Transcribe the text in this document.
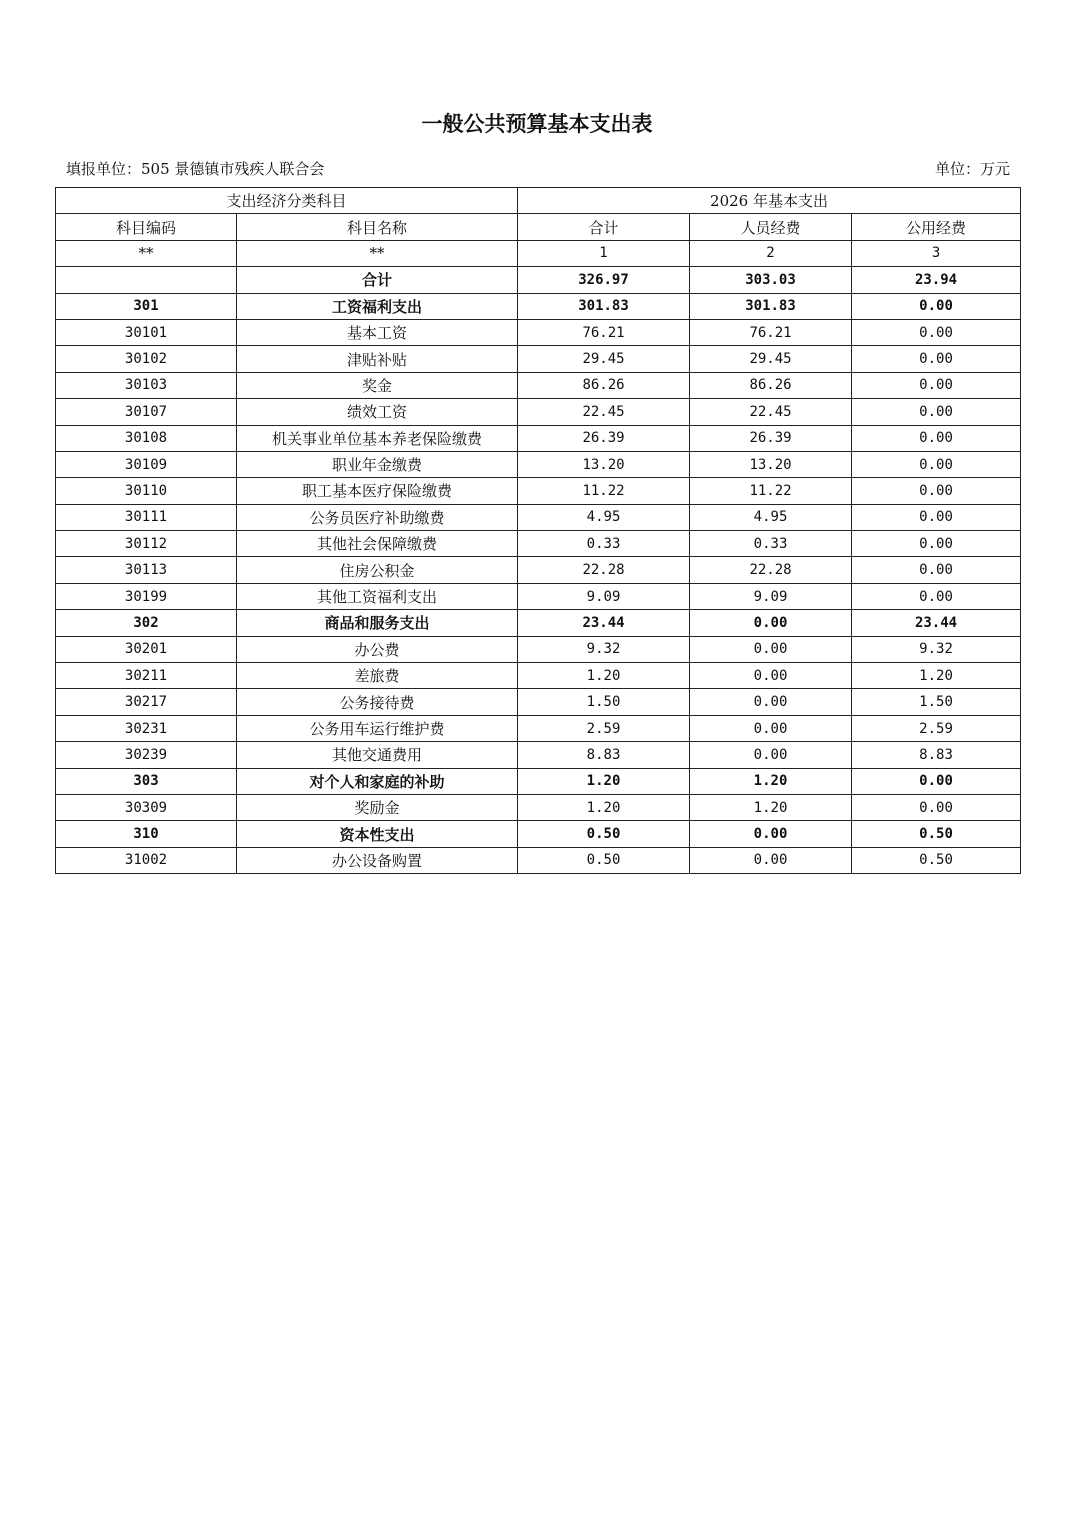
一般公共预算基本支出表
填报单位：505 景德镇市残疾人联合会	单位：万元
支出经济分类科目		2026 年基本支出		
科目编码	科目名称	合计	人员经费	公用经费
**	**	1	2	3
	合计	326.97	303.03	23.94
301	工资福利支出	301.83	301.83	0.00
30101	基本工资	76.21	76.21	0.00
30102	津贴补贴	29.45	29.45	0.00
30103	奖金	86.26	86.26	0.00
30107	绩效工资	22.45	22.45	0.00
30108	机关事业单位基本养老保险缴费	26.39	26.39	0.00
30109	职业年金缴费	13.20	13.20	0.00
30110	职工基本医疗保险缴费	11.22	11.22	0.00
30111	公务员医疗补助缴费	4.95	4.95	0.00
30112	其他社会保障缴费	0.33	0.33	0.00
30113	住房公积金	22.28	22.28	0.00
30199	其他工资福利支出	9.09	9.09	0.00
302	商品和服务支出	23.44	0.00	23.44
30201	办公费	9.32	0.00	9.32
30211	差旅费	1.20	0.00	1.20
30217	公务接待费	1.50	0.00	1.50
30231	公务用车运行维护费	2.59	0.00	2.59
30239	其他交通费用	8.83	0.00	8.83
303	对个人和家庭的补助	1.20	1.20	0.00
30309	奖励金	1.20	1.20	0.00
310	资本性支出	0.50	0.00	0.50
31002	办公设备购置	0.50	0.00	0.50
